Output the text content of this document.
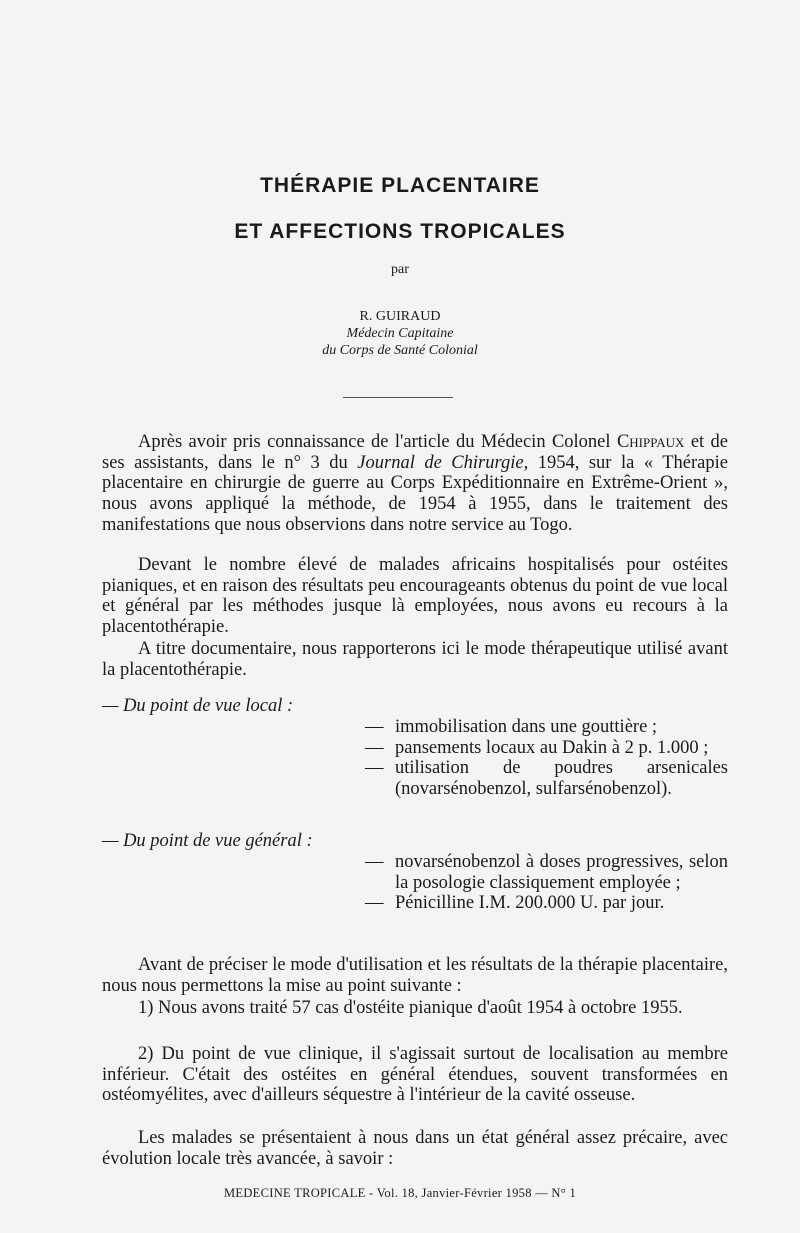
THÉRAPIE PLACENTAIRE
ET AFFECTIONS TROPICALES
par
R. GUIRAUD
Médecin Capitaine
du Corps de Santé Colonial

Après avoir pris connaissance de l'article du Médecin Colonel Chippaux et de ses assistants, dans le n° 3 du Journal de Chirurgie, 1954, sur la « Thérapie placentaire en chirurgie de guerre au Corps Expéditionnaire en Extrême-Orient », nous avons appliqué la méthode, de 1954 à 1955, dans le traitement des manifestations que nous observions dans notre service au Togo.

Devant le nombre élevé de malades africains hospitalisés pour ostéites pianiques, et en raison des résultats peu encourageants obtenus du point de vue local et général par les méthodes jusque là employées, nous avons eu recours à la placentothérapie.

A titre documentaire, nous rapporterons ici le mode thérapeutique utilisé avant la placentothérapie.

— Du point de vue local :

— immobilisation dans une gouttière ;
— pansements locaux au Dakin à 2 p. 1.000 ;
— utilisation de poudres arsenicales (novarsénobenzol, sulfarsénobenzol).

— Du point de vue général :

— novarsénobenzol à doses progressives, selon la posologie classiquement employée ;
— Pénicilline I.M. 200.000 U. par jour.

Avant de préciser le mode d'utilisation et les résultats de la thérapie placentaire, nous nous permettons la mise au point suivante :

1) Nous avons traité 57 cas d'ostéite pianique d'août 1954 à octobre 1955.

2) Du point de vue clinique, il s'agissait surtout de localisation au membre inférieur. C'était des ostéites en général étendues, souvent transformées en ostéomyélites, avec d'ailleurs séquestre à l'intérieur de la cavité osseuse.

Les malades se présentaient à nous dans un état général assez précaire, avec évolution locale très avancée, à savoir :

MEDECINE TROPICALE - Vol. 18, Janvier-Février 1958 — N° 1
